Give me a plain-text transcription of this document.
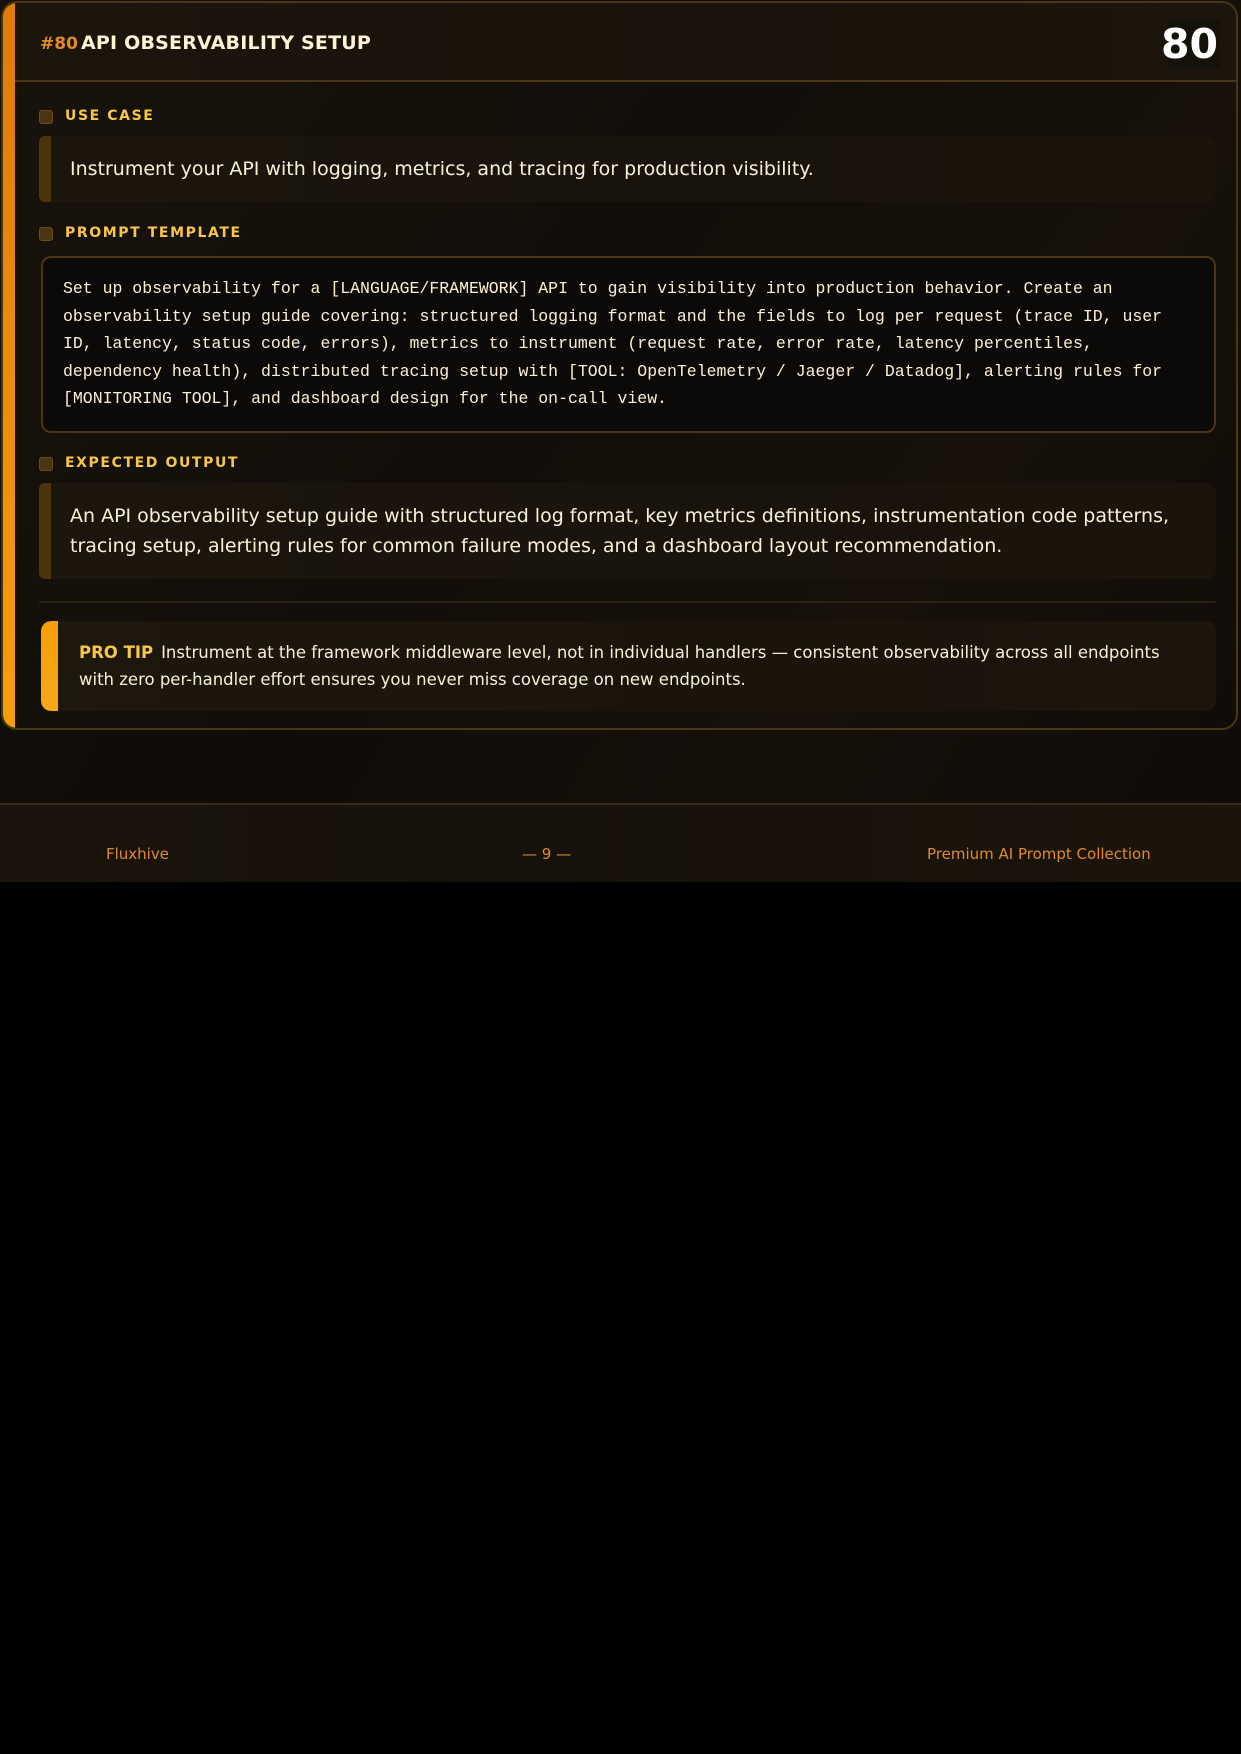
#80 API OBSERVABILITY SETUP	80
USE CASE
Instrument your API with logging, metrics, and tracing for production visibility.
PROMPT TEMPLATE
Set up observability for a [LANGUAGE/FRAMEWORK] API to gain visibility into production behavior. Create an observability setup guide covering: structured logging format and the fields to log per request (trace ID, user ID, latency, status code, errors), metrics to instrument (request rate, error rate, latency percentiles, dependency health), distributed tracing setup with [TOOL: OpenTelemetry / Jaeger / Datadog], alerting rules for [MONITORING TOOL], and dashboard design for the on-call view.
EXPECTED OUTPUT
An API observability setup guide with structured log format, key metrics definitions, instrumentation code patterns, tracing setup, alerting rules for common failure modes, and a dashboard layout recommendation.
PRO TIP Instrument at the framework middleware level, not in individual handlers — consistent observability across all endpoints with zero per-handler effort ensures you never miss coverage on new endpoints.
Fluxhive	— 9 —	Premium AI Prompt Collection
